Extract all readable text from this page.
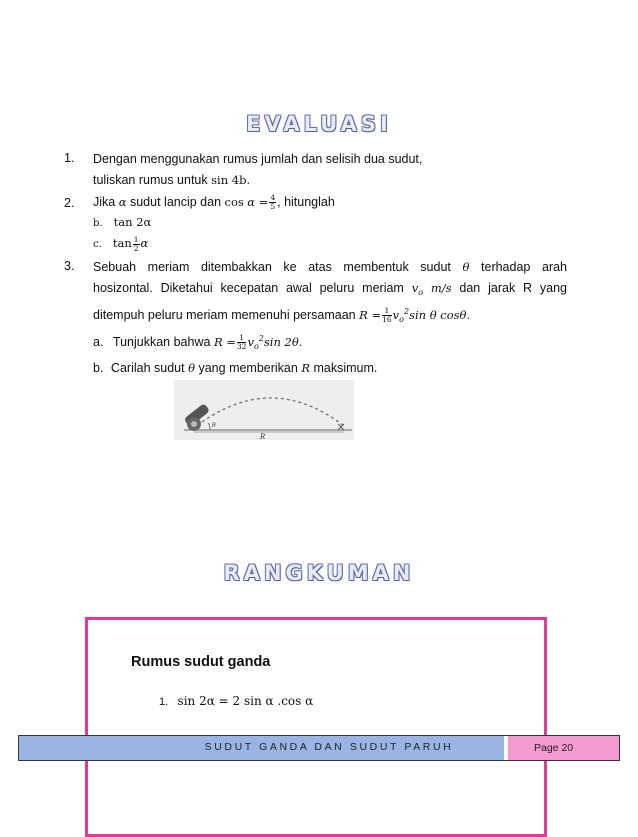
EVALUASI
1. Dengan menggunakan rumus jumlah dan selisih dua sudut,
tuliskan rumus untuk sin 4b.
2. Jika α sudut lancip dan $\cos \alpha = \frac{4}{5}$ , hitunglah
b. tan 2α
c. $\tan \frac{1}{2}$ α
3. Sebuah meriam ditembakkan ke atas membentuk sudut θ terhadap arah
hosizontal. Diketahui kecepatan awal peluru meriam $v_o$ m/s dan jarak R yang
ditempuh peluru meriam memenuhi persamaan $R = \frac{1}{16} v_o^2\sin$ θ cosθ.
a. Tunjukkan bahwa $R = \frac{1}{32} v_o^2\sin$ 2θ.
b. Carilah sudut θ yang memberikan R maksimum.
θ
R
RANGKUMAN
Rumus sudut ganda
1. sin 2α = 2 sin α .cos α
SUDUT GANDA DAN SUDUT PARUH	Page 20
